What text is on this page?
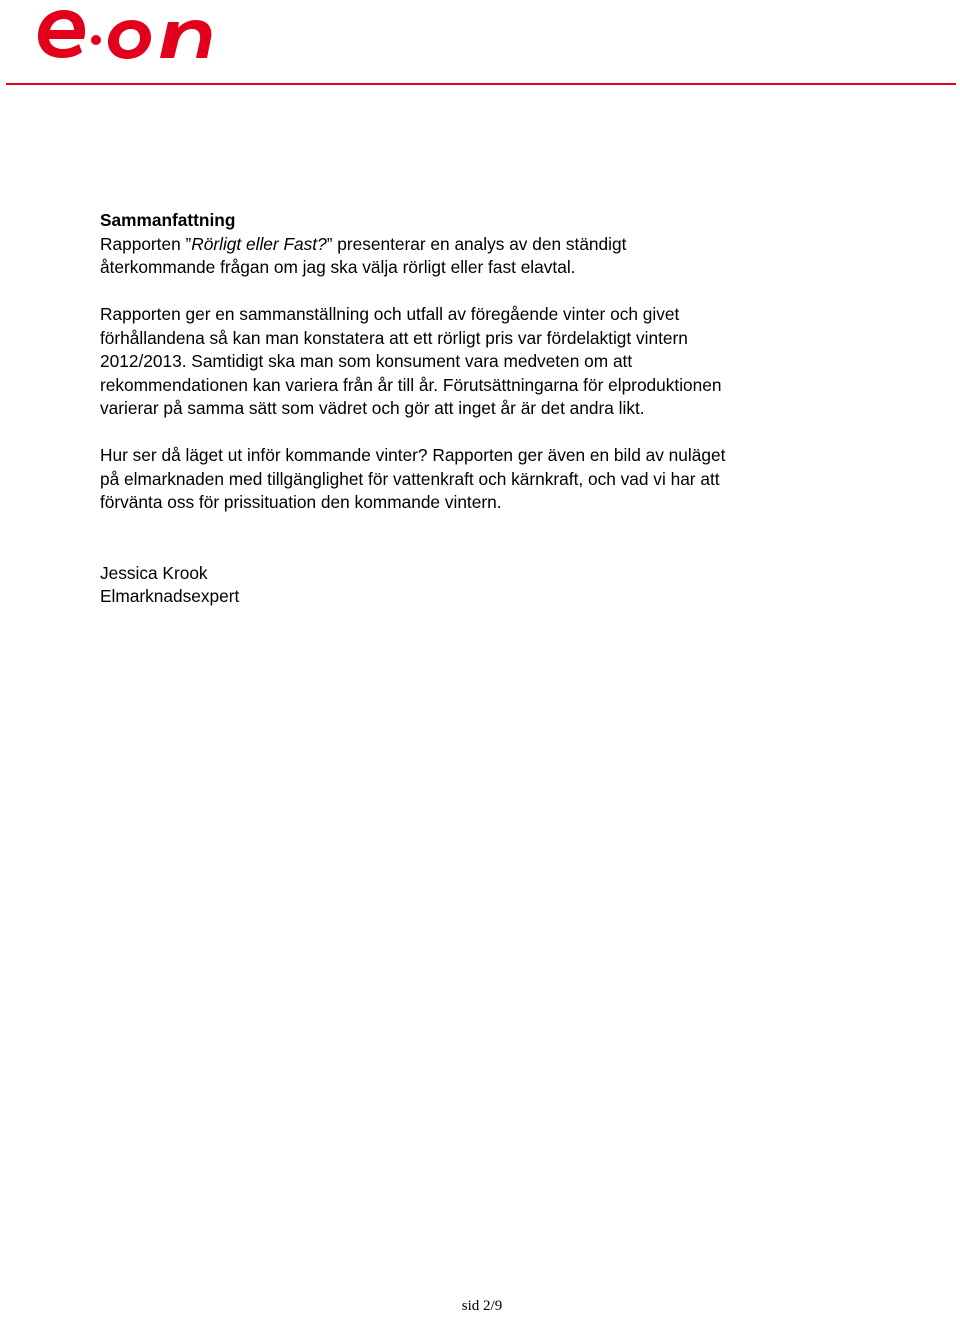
Sammanfattning

Rapporten ”Rörligt eller Fast?” presenterar en analys av den ständigt återkommande frågan om jag ska välja rörligt eller fast elavtal.

Rapporten ger en sammanställning och utfall av föregående vinter och givet förhållandena så kan man konstatera att ett rörligt pris var fördelaktigt vintern 2012/2013. Samtidigt ska man som konsument vara medveten om att rekommendationen kan variera från år till år. Förutsättningarna för elproduktionen varierar på samma sätt som vädret och gör att inget år är det andra likt.

Hur ser då läget ut inför kommande vinter? Rapporten ger även en bild av nuläget på elmarknaden med tillgänglighet för vattenkraft och kärnkraft, och vad vi har att förvänta oss för prissituation den kommande vintern.

Jessica Krook

Elmarknadsexpert

sid 2/9
